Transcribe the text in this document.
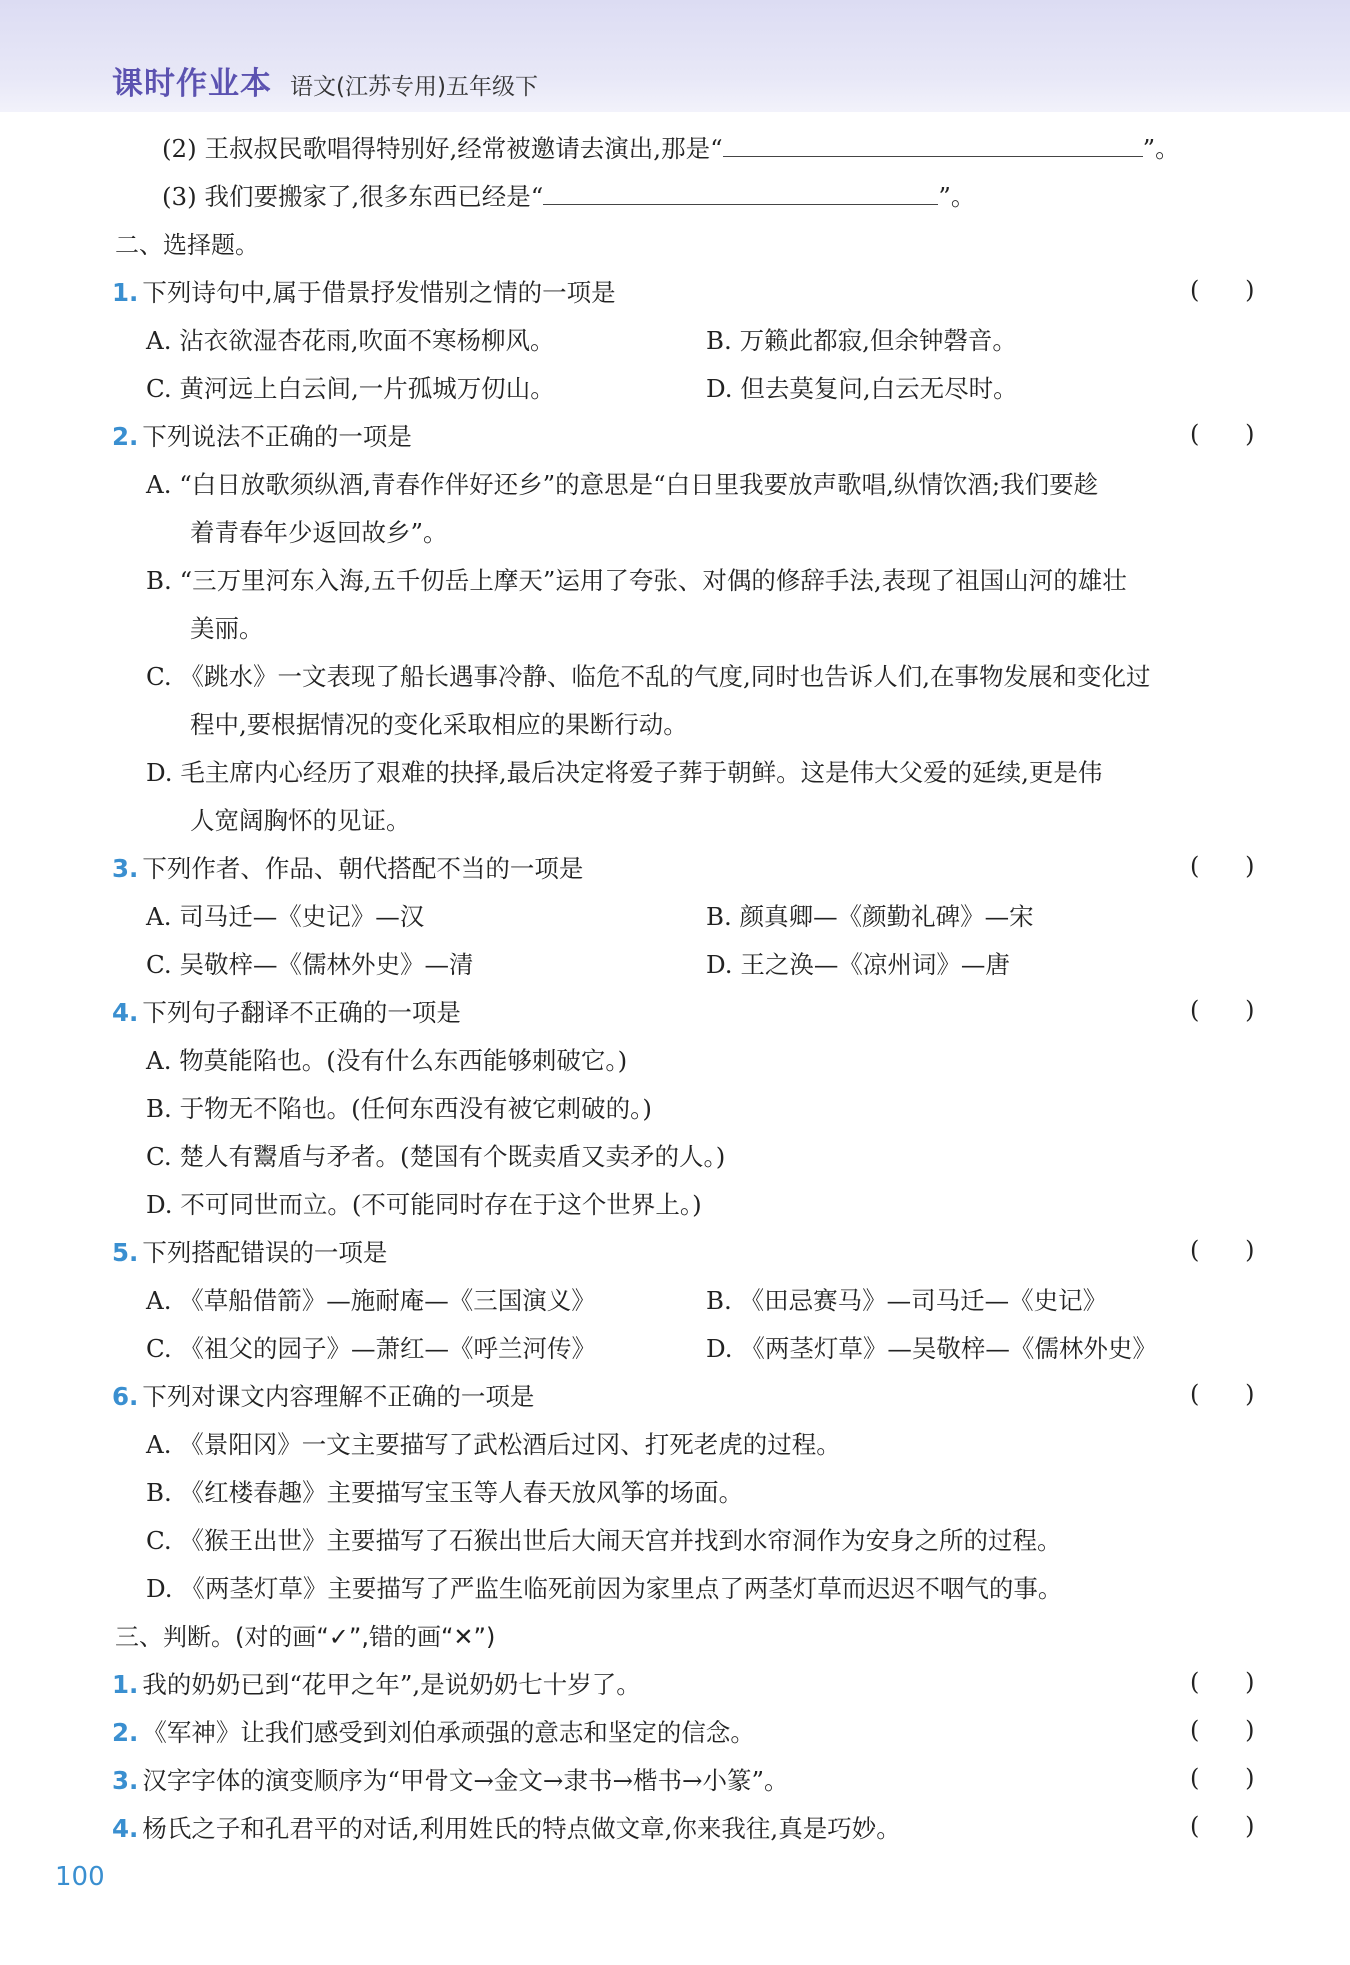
课时作业本 语文(江苏专用)五年级下
(2) 王叔叔民歌唱得特别好,经常被邀请去演出,那是“	”。
(3) 我们要搬家了,很多东西已经是“	”。
二、选择题。
1. 下列诗句中,属于借景抒发惜别之情的一项是	(      )
A. 沾衣欲湿杏花雨,吹面不寒杨柳风。	B. 万籁此都寂,但余钟磬音。
C. 黄河远上白云间,一片孤城万仞山。	D. 但去莫复问,白云无尽时。
2. 下列说法不正确的一项是	(      )
A. “白日放歌须纵酒,青春作伴好还乡”的意思是“白日里我要放声歌唱,纵情饮酒;我们要趁
着青春年少返回故乡”。
B. “三万里河东入海,五千仞岳上摩天”运用了夸张、对偶的修辞手法,表现了祖国山河的雄壮
美丽。
C. 《跳水》一文表现了船长遇事冷静、临危不乱的气度,同时也告诉人们,在事物发展和变化过
程中,要根据情况的变化采取相应的果断行动。
D. 毛主席内心经历了艰难的抉择,最后决定将爱子葬于朝鲜。这是伟大父爱的延续,更是伟
人宽阔胸怀的见证。
3. 下列作者、作品、朝代搭配不当的一项是	(      )
A. 司马迁—《史记》—汉	B. 颜真卿—《颜勤礼碑》—宋
C. 吴敬梓—《儒林外史》—清	D. 王之涣—《凉州词》—唐
4. 下列句子翻译不正确的一项是	(      )
A. 物莫能陷也。(没有什么东西能够刺破它。)
B. 于物无不陷也。(任何东西没有被它刺破的。)
C. 楚人有鬻盾与矛者。(楚国有个既卖盾又卖矛的人。)
D. 不可同世而立。(不可能同时存在于这个世界上。)
5. 下列搭配错误的一项是	(      )
A. 《草船借箭》—施耐庵—《三国演义》	B. 《田忌赛马》—司马迁—《史记》
C. 《祖父的园子》—萧红—《呼兰河传》	D. 《两茎灯草》—吴敬梓—《儒林外史》
6. 下列对课文内容理解不正确的一项是	(      )
A. 《景阳冈》一文主要描写了武松酒后过冈、打死老虎的过程。
B. 《红楼春趣》主要描写宝玉等人春天放风筝的场面。
C. 《猴王出世》主要描写了石猴出世后大闹天宫并找到水帘洞作为安身之所的过程。
D. 《两茎灯草》主要描写了严监生临死前因为家里点了两茎灯草而迟迟不咽气的事。
三、判断。(对的画“✓”,错的画“✕”)
1. 我的奶奶已到“花甲之年”,是说奶奶七十岁了。	(      )
2. 《军神》让我们感受到刘伯承顽强的意志和坚定的信念。	(      )
3. 汉字字体的演变顺序为“甲骨文→金文→隶书→楷书→小篆”。	(      )
4. 杨氏之子和孔君平的对话,利用姓氏的特点做文章,你来我往,真是巧妙。	(      )
100
